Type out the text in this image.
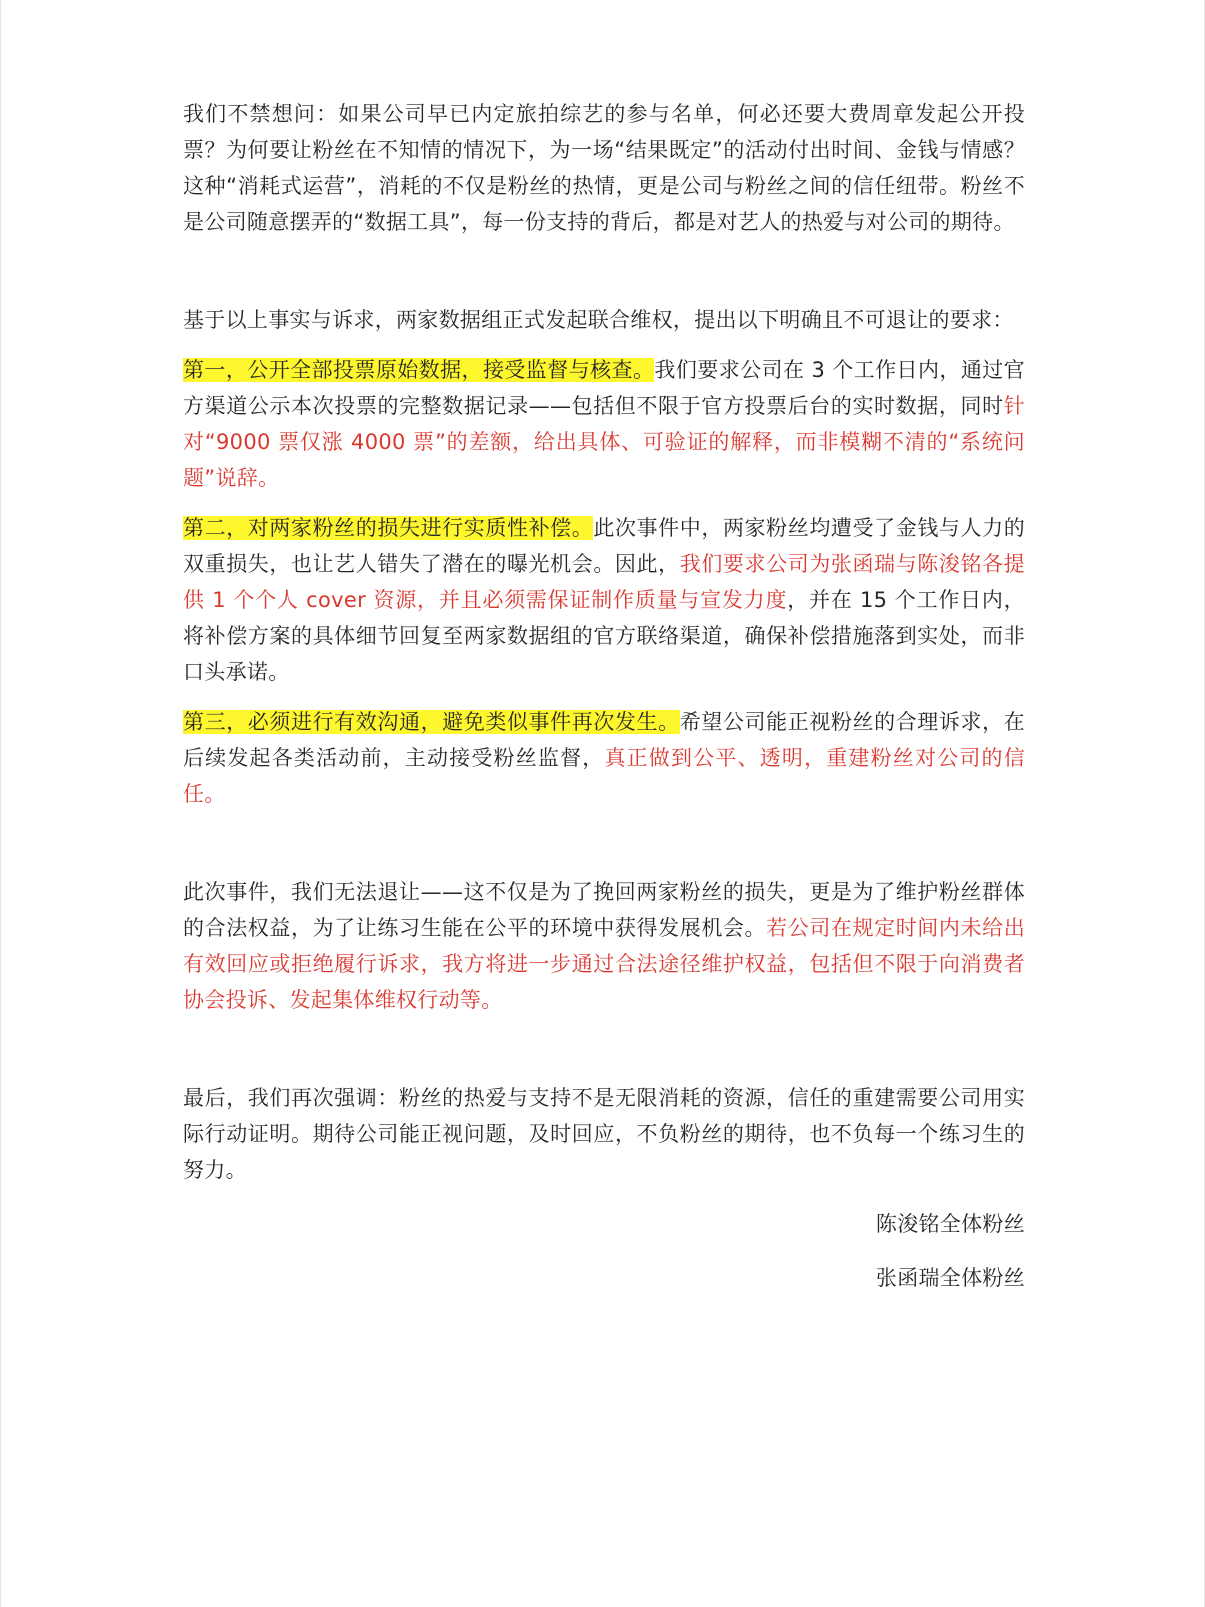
我们不禁想问：如果公司早已内定旅拍综艺的参与名单，何必还要大费周章发起公开投票？为何要让粉丝在不知情的情况下，为一场“结果既定”的活动付出时间、金钱与情感？这种“消耗式运营”，消耗的不仅是粉丝的热情，更是公司与粉丝之间的信任纽带。粉丝不是公司随意摆弄的“数据工具”，每一份支持的背后，都是对艺人的热爱与对公司的期待。

基于以上事实与诉求，两家数据组正式发起联合维权，提出以下明确且不可退让的要求：

第一，公开全部投票原始数据，接受监督与核查。我们要求公司在 3 个工作日内，通过官方渠道公示本次投票的完整数据记录——包括但不限于官方投票后台的实时数据，同时针对“9000 票仅涨 4000 票”的差额，给出具体、可验证的解释，而非模糊不清的“系统问题”说辞。

第二，对两家粉丝的损失进行实质性补偿。此次事件中，两家粉丝均遭受了金钱与人力的双重损失，也让艺人错失了潜在的曝光机会。因此，我们要求公司为张函瑞与陈浚铭各提供 1 个个人 cover 资源，并且必须需保证制作质量与宣发力度，并在 15 个工作日内，将补偿方案的具体细节回复至两家数据组的官方联络渠道，确保补偿措施落到实处，而非口头承诺。

第三，必须进行有效沟通，避免类似事件再次发生。希望公司能正视粉丝的合理诉求，在后续发起各类活动前，主动接受粉丝监督，真正做到公平、透明，重建粉丝对公司的信任。

此次事件，我们无法退让——这不仅是为了挽回两家粉丝的损失，更是为了维护粉丝群体的合法权益，为了让练习生能在公平的环境中获得发展机会。若公司在规定时间内未给出有效回应或拒绝履行诉求，我方将进一步通过合法途径维护权益，包括但不限于向消费者协会投诉、发起集体维权行动等。

最后，我们再次强调：粉丝的热爱与支持不是无限消耗的资源，信任的重建需要公司用实际行动证明。期待公司能正视问题，及时回应，不负粉丝的期待，也不负每一个练习生的努力。

陈浚铭全体粉丝

张函瑞全体粉丝
